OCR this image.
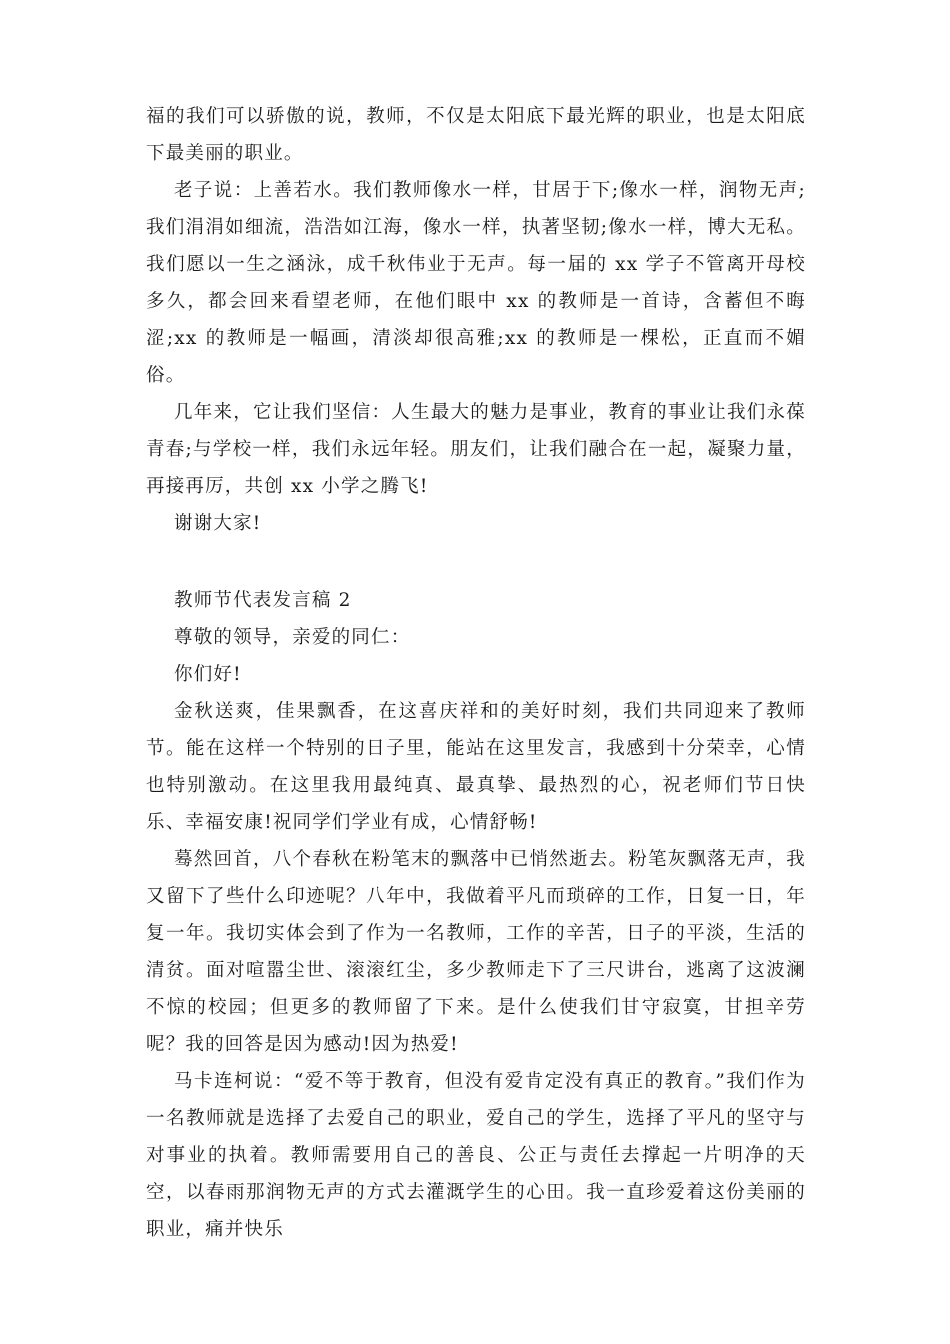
福的我们可以骄傲的说，教师，不仅是太阳底下最光辉的职业，也是太阳底下最美丽的职业。

老子说：上善若水。我们教师像水一样，甘居于下;像水一样，润物无声;我们涓涓如细流，浩浩如江海，像水一样，执著坚韧;像水一样，博大无私。我们愿以一生之涵泳，成千秋伟业于无声。每一届的 xx 学子不管离开母校多久，都会回来看望老师，在他们眼中 xx 的教师是一首诗，含蓄但不晦涩;xx 的教师是一幅画，清淡却很高雅;xx 的教师是一棵松，正直而不媚俗。

几年来，它让我们坚信：人生最大的魅力是事业，教育的事业让我们永葆青春;与学校一样，我们永远年轻。朋友们，让我们融合在一起，凝聚力量，再接再厉，共创 xx 小学之腾飞!

谢谢大家!

教师节代表发言稿 2

尊敬的领导，亲爱的同仁：

你们好!

金秋送爽，佳果飘香，在这喜庆祥和的美好时刻，我们共同迎来了教师节。能在这样一个特别的日子里，能站在这里发言，我感到十分荣幸，心情也特别激动。在这里我用最纯真、最真挚、最热烈的心，祝老师们节日快乐、幸福安康!祝同学们学业有成，心情舒畅!

蓦然回首，八个春秋在粉笔末的飘落中已悄然逝去。粉笔灰飘落无声，我又留下了些什么印迹呢？八年中，我做着平凡而琐碎的工作，日复一日，年复一年。我切实体会到了作为一名教师，工作的辛苦，日子的平淡，生活的清贫。面对喧嚣尘世、滚滚红尘，多少教师走下了三尺讲台，逃离了这波澜不惊的校园；但更多的教师留了下来。是什么使我们甘守寂寞，甘担辛劳呢？我的回答是因为感动!因为热爱!

马卡连柯说：“爱不等于教育，但没有爱肯定没有真正的教育。”我们作为一名教师就是选择了去爱自己的职业，爱自己的学生，选择了平凡的坚守与对事业的执着。教师需要用自己的善良、公正与责任去撑起一片明净的天空，以春雨那润物无声的方式去灌溉学生的心田。我一直珍爱着这份美丽的职业，痛并快乐
